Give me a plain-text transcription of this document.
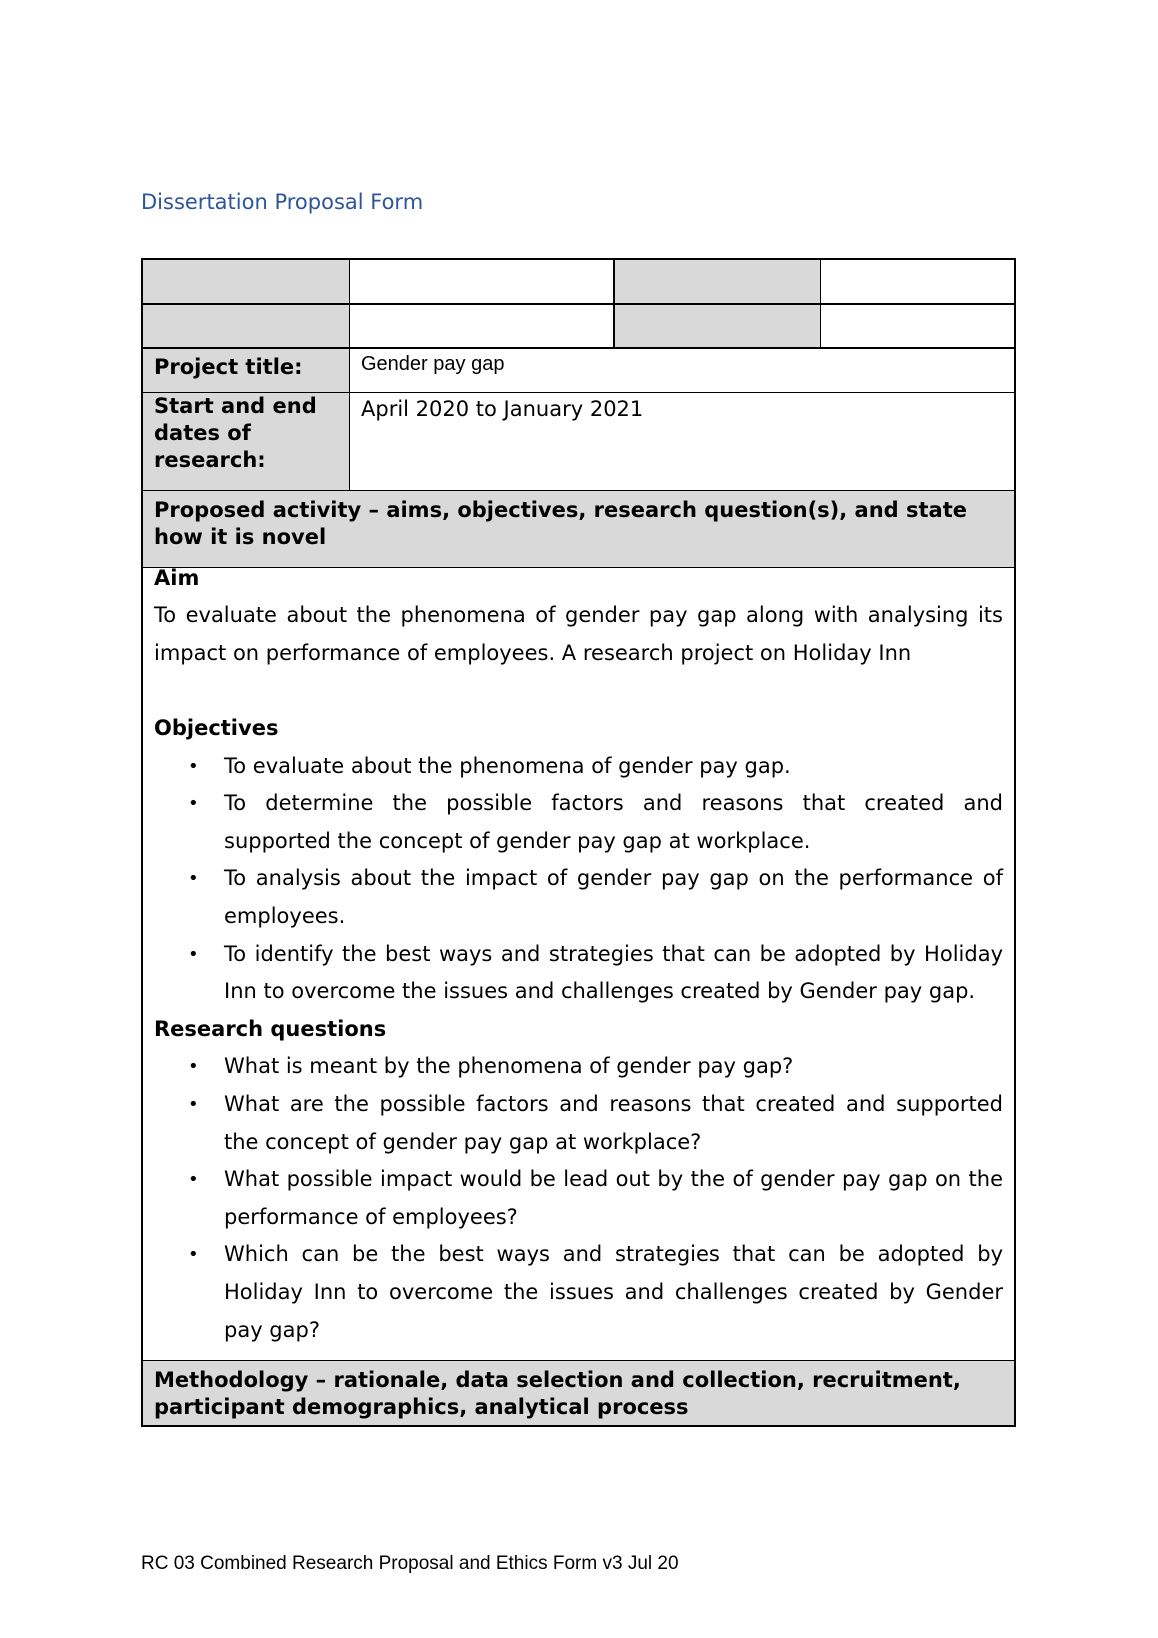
Dissertation Proposal Form
Project title:	Gender pay gap
Start and end
dates of
research:
April 2020 to January 2021
Proposed activity – aims, objectives, research question(s), and state how it is novel
Aim
To evaluate about the phenomena of gender pay gap along with analysing its
impact on performance of employees. A research project on Holiday Inn
Objectives
• To evaluate about the phenomena of gender pay gap.
• To determine the possible factors and reasons that created and supported the concept of gender pay gap at workplace.
• To analysis about the impact of gender pay gap on the performance of employees.
• To identify the best ways and strategies that can be adopted by Holiday Inn to overcome the issues and challenges created by Gender pay gap.
Research questions
• What is meant by the phenomena of gender pay gap?
• What are the possible factors and reasons that created and supported the concept of gender pay gap at workplace?
• What possible impact would be lead out by the of gender pay gap on the performance of employees?
• Which can be the best ways and strategies that can be adopted by Holiday Inn to overcome the issues and challenges created by Gender pay gap?
Methodology – rationale, data selection and collection, recruitment, participant demographics, analytical process
RC 03 Combined Research Proposal and Ethics Form v3 Jul 20
